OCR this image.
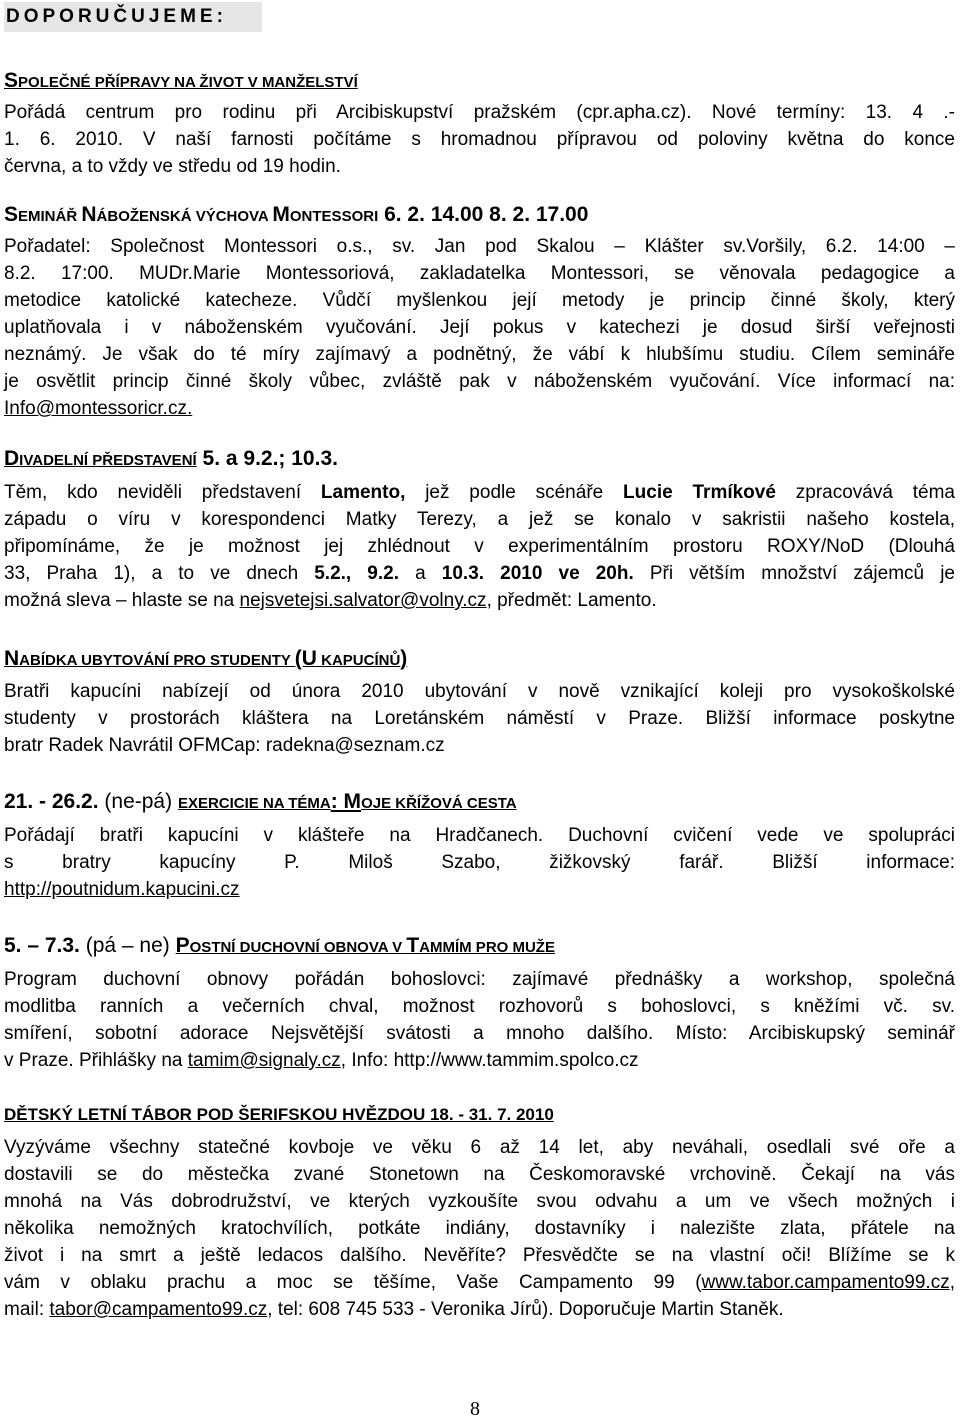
DOPORUČUJEME:
SPOLEČNÉ PŘÍPRAVY NA ŽIVOT V MANŽELSTVÍ
Pořádá centrum pro rodinu při Arcibiskupství pražském (cpr.apha.cz). Nové termíny: 13. 4 .-
1. 6. 2010. V naší farnosti počítáme s hromadnou přípravou od poloviny května do konce
června, a to vždy ve středu od 19 hodin.
SEMINÁŘ NÁBOŽENSKÁ VÝCHOVA MONTESSORI 6. 2. 14.00 8. 2. 17.00
Pořadatel: Společnost Montessori o.s., sv. Jan pod Skalou – Klášter sv.Voršily, 6.2. 14:00 –
8.2. 17:00. MUDr.Marie Montessoriová, zakladatelka Montessori, se věnovala pedagogice a
metodice katolické katecheze. Vůdčí myšlenkou její metody je princip činné školy, který
uplatňovala i v náboženském vyučování. Její pokus v katechezi je dosud širší veřejnosti
neznámý. Je však do té míry zajímavý a podnětný, že vábí k hlubšímu studiu. Cílem semináře
je osvětlit princip činné školy vůbec, zvláště pak v náboženském vyučování. Více informací na:
Info@montessoricr.cz.
DIVADELNÍ PŘEDSTAVENÍ 5. a 9.2.; 10.3.
Těm, kdo neviděli představení Lamento, jež podle scénáře Lucie Trmíkové zpracovává téma
západu o víru v korespondenci Matky Terezy, a jež se konalo v sakristii našeho kostela,
připomínáme, že je možnost jej zhlédnout v experimentálním prostoru ROXY/NoD (Dlouhá
33, Praha 1), a to ve dnech 5.2., 9.2. a 10.3. 2010 ve 20h. Při větším množství zájemců je
možná sleva – hlaste se na nejsvetejsi.salvator@volny.cz, předmět: Lamento.
NABÍDKA UBYTOVÁNÍ PRO STUDENTY (U KAPUCÍNŮ)
Bratři kapucíni nabízejí od února 2010 ubytování v nově vznikající koleji pro vysokoškolské
studenty v prostorách kláštera na Loretánském náměstí v Praze. Bližší informace poskytne
bratr Radek Navrátil OFMCap: radekna@seznam.cz
21. - 26.2. (ne-pá) EXERCICIE NA TÉMA: MOJE KŘÍŽOVÁ CESTA
Pořádají bratři kapucíni v klášteře na Hradčanech. Duchovní cvičení vede ve spolupráci
s bratry kapucíny P. Miloš Szabo, žižkovský farář. Bližší informace:
http://poutnidum.kapucini.cz
5. – 7.3. (pá – ne) POSTNÍ DUCHOVNÍ OBNOVA V TAMMÍM PRO MUŽE
Program duchovní obnovy pořádán bohoslovci: zajímavé přednášky a workshop, společná
modlitba ranních a večerních chval, možnost rozhovorů s bohoslovci, s kněžími vč. sv.
smíření, sobotní adorace Nejsvětější svátosti a mnoho dalšího. Místo: Arcibiskupský seminář
v Praze. Přihlášky na tamim@signaly.cz, Info: http://www.tammim.spolco.cz
DĚTSKÝ LETNÍ TÁBOR POD ŠERIFSKOU HVĚZDOU 18. - 31. 7. 2010
Vyzýváme všechny statečné kovboje ve věku 6 až 14 let, aby neváhali, osedlali své oře a
dostavili se do městečka zvané Stonetown na Českomoravské vrchovině. Čekají na vás
mnohá na Vás dobrodružství, ve kterých vyzkoušíte svou odvahu a um ve všech možných i
několika nemožných kratochvílích, potkáte indiány, dostavníky i nalezište zlata, přátele na
život i na smrt a ještě ledacos dalšího. Nevěříte? Přesvědčte se na vlastní oči! Blížíme se k
vám v oblaku prachu a moc se těšíme, Vaše Campamento 99 (www.tabor.campamento99.cz,
mail: tabor@campamento99.cz, tel: 608 745 533 - Veronika Jírů). Doporučuje Martin Staněk.
8
